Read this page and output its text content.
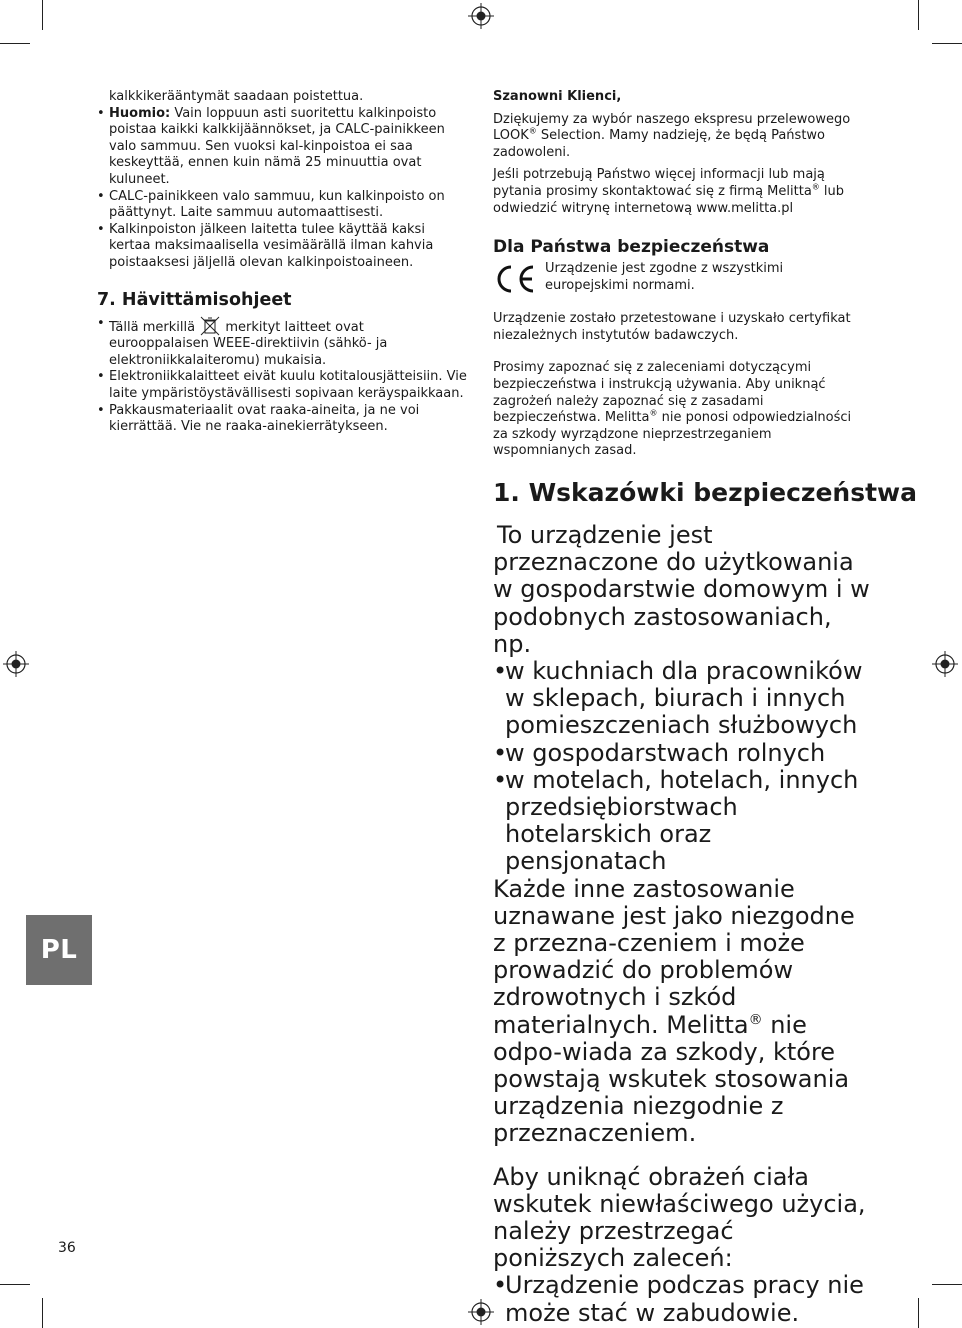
kalkkikerääntymät saadaan poistettua.

• Huomio: Vain loppuun asti suoritettu kalkinpoisto poistaa kaikki kalkkijäännökset, ja CALC-painikkeen valo sammuu. Sen vuoksi kal-kinpoistoa ei saa keskeyttää, ennen kuin nämä 25 minuuttia ovat kuluneet.

• CALC-painikkeen valo sammuu, kun kalkinpoisto on päättynyt. Laite sammuu automaattisesti.

• Kalkinpoiston jälkeen laitetta tulee käyttää kaksi kertaa maksimaalisella vesimäärällä ilman kahvia poistaaksesi jäljellä olevan kalkinpoistoaineen.

7. Hävittämisohjeet

• Tällä merkillä merkityt laitteet ovat eurooppalaisen WEEE-direktiivin (sähkö- ja elektroniikkalaiteromu) mukaisia.

• Elektroniikkalaitteet eivät kuulu kotitalousjätteisiin. Vie laite ympäristöystävällisesti sopivaan keräyspaikkaan.

• Pakkausmateriaalit ovat raaka-aineita, ja ne voi kierrättää. Vie ne raaka-ainekierrätykseen.

Szanowni Klienci,

Dziękujemy za wybór naszego ekspresu przelewowego LOOK® Selection. Mamy nadzieję, że będą Państwo zadowoleni.

Jeśli potrzebują Państwo więcej informacji lub mają pytania prosimy skontaktować się z firmą Melitta® lub odwiedzić witrynę internetową www.melitta.pl

Dla Państwa bezpieczeństwa

Urządzenie jest zgodne z wszystkimi europejskimi normami.

Urządzenie zostało przetestowane i uzyskało certyfikat niezależnych instytutów badawczych.

Prosimy zapoznać się z zaleceniami dotyczącymi bezpieczeństwa i instrukcją używania. Aby uniknąć zagrożeń należy zapoznać się z zasadami bezpieczeństwa. Melitta® nie ponosi odpowiedzialności za szkody wyrządzone nieprzestrzeganiem wspomnianych zasad.

1. Wskazówki bezpieczeństwa

To urządzenie jest przeznaczone do użytkowania w gospodarstwie domowym i w podobnych zastosowaniach, np.

• w kuchniach dla pracowników w sklepach, biurach i innych pomieszczeniach służbowych

• w gospodarstwach rolnych

• w motelach, hotelach, innych przedsiębiorstwach hotelarskich oraz pensjonatach

Każde inne zastosowanie uznawane jest jako niezgodne z przezna-czeniem i może prowadzić do problemów zdrowotnych i szkód materialnych. Melitta® nie odpo-wiada za szkody, które powstają wskutek stosowania urządzenia niezgodnie z przeznaczeniem.

Aby uniknąć obrażeń ciała wskutek niewłaściwego użycia, należy przestrzegać poniższych zaleceń:

• Urządzenie podczas pracy nie może stać w zabudowie.

PL
36
